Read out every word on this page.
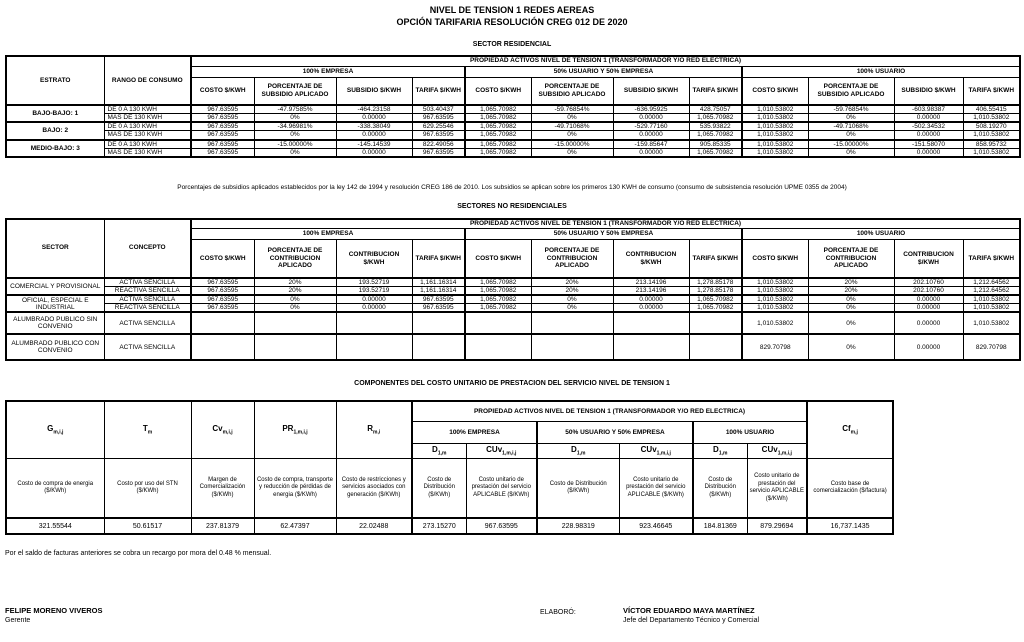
NIVEL DE TENSION 1 REDES AEREAS
OPCIÓN TARIFARIA RESOLUCIÓN CREG 012 DE 2020
SECTOR RESIDENCIAL
ESTRATO	RANGO DE CONSUMO	PROPIEDAD ACTIVOS NIVEL DE TENSION 1 (TRANSFORMADOR Y/O RED ELECTRICA)											
		100% EMPRESA				50% USUARIO Y 50% EMPRESA				100% USUARIO			
		COSTO $/KWH	PORCENTAJE DE SUBSIDIO APLICADO	SUBSIDIO $/KWH	TARIFA $/KWH	COSTO $/KWH	PORCENTAJE DE SUBSIDIO APLICADO	SUBSIDIO $/KWH	TARIFA $/KWH	COSTO $/KWH	PORCENTAJE DE SUBSIDIO APLICADO	SUBSIDIO $/KWH	TARIFA $/KWH
BAJO-BAJO: 1	DE 0 A 130 KWH	967.63595	-47.97585%	-464.23158	503.40437	1,065.70982	-59.76854%	-636.95925	428.75057	1,010.53802	-59.76854%	-603.98387	406.55415
	MAS DE 130 KWH	967.63595	0%	0.00000	967.63595	1,065.70982	0%	0.00000	1,065.70982	1,010.53802	0%	0.00000	1,010.53802
BAJO: 2	DE 0 A 130 KWH	967.63595	-34.96981%	-338.38049	629.25546	1,065.70982	-49.71068%	-529.77160	535.93822	1,010.53802	-49.71068%	-502.34532	508.19270
	MAS DE 130 KWH	967.63595	0%	0.00000	967.63595	1,065.70982	0%	0.00000	1,065.70982	1,010.53802	0%	0.00000	1,010.53802
MEDIO-BAJO: 3	DE 0 A 130 KWH	967.63595	-15.00000%	-145.14539	822.49056	1,065.70982	-15.00000%	-159.85647	905.85335	1,010.53802	-15.00000%	-151.58070	858.95732
	MAS DE 130 KWH	967.63595	0%	0.00000	967.63595	1,065.70982	0%	0.00000	1,065.70982	1,010.53802	0%	0.00000	1,010.53802
Porcentajes de subsidios aplicados establecidos por la ley 142 de 1994 y resolución CREG 186 de 2010. Los subsidios se aplican sobre los primeros 130 KWH de consumo (consumo de subsistencia resolución UPME 0355 de 2004)
SECTORES NO RESIDENCIALES
SECTOR	CONCEPTO	PROPIEDAD ACTIVOS NIVEL DE TENSION 1 (TRANSFORMADOR Y/O RED ELECTRICA)											
		100% EMPRESA				50% USUARIO Y 50% EMPRESA				100% USUARIO			
		COSTO $/KWH	PORCENTAJE DE CONTRIBUCION APLICADO	CONTRIBUCION $/KWH	TARIFA $/KWH	COSTO $/KWH	PORCENTAJE DE CONTRIBUCION APLICADO	CONTRIBUCION $/KWH	TARIFA $/KWH	COSTO $/KWH	PORCENTAJE DE CONTRIBUCION APLICADO	CONTRIBUCION $/KWH	TARIFA $/KWH
COMERCIAL Y PROVISIONAL	ACTIVA SENCILLA	967.63595	20%	193.52719	1,161.16314	1,065.70982	20%	213.14196	1,278.85178	1,010.53802	20%	202.10760	1,212.64562
	REACTIVA SENCILLA	967.63595	20%	193.52719	1,161.16314	1,065.70982	20%	213.14196	1,278.85178	1,010.53802	20%	202.10760	1,212.64562
OFICIAL, ESPECIAL E INDUSTRIAL	ACTIVA SENCILLA	967.63595	0%	0.00000	967.63595	1,065.70982	0%	0.00000	1,065.70982	1,010.53802	0%	0.00000	1,010.53802
	REACTIVA SENCILLA	967.63595	0%	0.00000	967.63595	1,065.70982	0%	0.00000	1,065.70982	1,010.53802	0%	0.00000	1,010.53802
ALUMBRADO PUBLICO SIN CONVENIO	ACTIVA SENCILLA									1,010.53802	0%	0.00000	1,010.53802
ALUMBRADO PUBLICO CON CONVENIO	ACTIVA SENCILLA									829.70798	0%	0.00000	829.70798
COMPONENTES DEL COSTO UNITARIO DE PRESTACION DEL SERVICIO NIVEL DE TENSION 1
$G_{m,i,j}$	$T_m$	$Cv_{m,i,j}$	$PR_{1,m,i,j}$	$R_{m,i}$	PROPIEDAD ACTIVOS NIVEL DE TENSION 1 (TRANSFORMADOR Y/O RED ELECTRICA)						$Cf_{m,j}$
					100% EMPRESA		50% USUARIO Y 50% EMPRESA		100% USUARIO		
					$D_{1,m}$	CUv$_{1,m,i,j}$	$D_{1,m}$	CUv$_{1,m,i,j}$	$D_{1,m}$	CUv$_{1,m,i,j}$
Costo de compra de energia ($/KWh)	Costo por uso del STN ($/KWh)	Margen de Comercialización ($/KWh)	Costo de compra, transporte y reducción de pérdidas de energia ($/KWh)	Costo de restricciones y servicios asociados con generación ($/KWh)	Costo de Distribución ($/KWh)	Costo unitario de prestación del servicio APLICABLE ($/KWh)	Costo de Distribución ($/KWh)	Costo unitario de prestación del servicio APLICABLE ($/KWh)	Costo de Distribución ($/KWh)	Costo unitario de prestación del servicio APLICABLE ($/KWh)	Costo base de comercialización ($/factura)
321.55544	50.61517	237.81379	62.47397	22.02488	273.15270	967.63595	228.98319	923.46645	184.81369	879.29694	16,737.1435
Por el saldo de facturas anteriores se cobra un recargo por mora del 0.48 % mensual.
FELIPE MORENO VIVEROS
Gerente
ELABORÓ:	VÍCTOR EDUARDO MAYA MARTÍNEZ
Jefe del Departamento Técnico y Comercial
